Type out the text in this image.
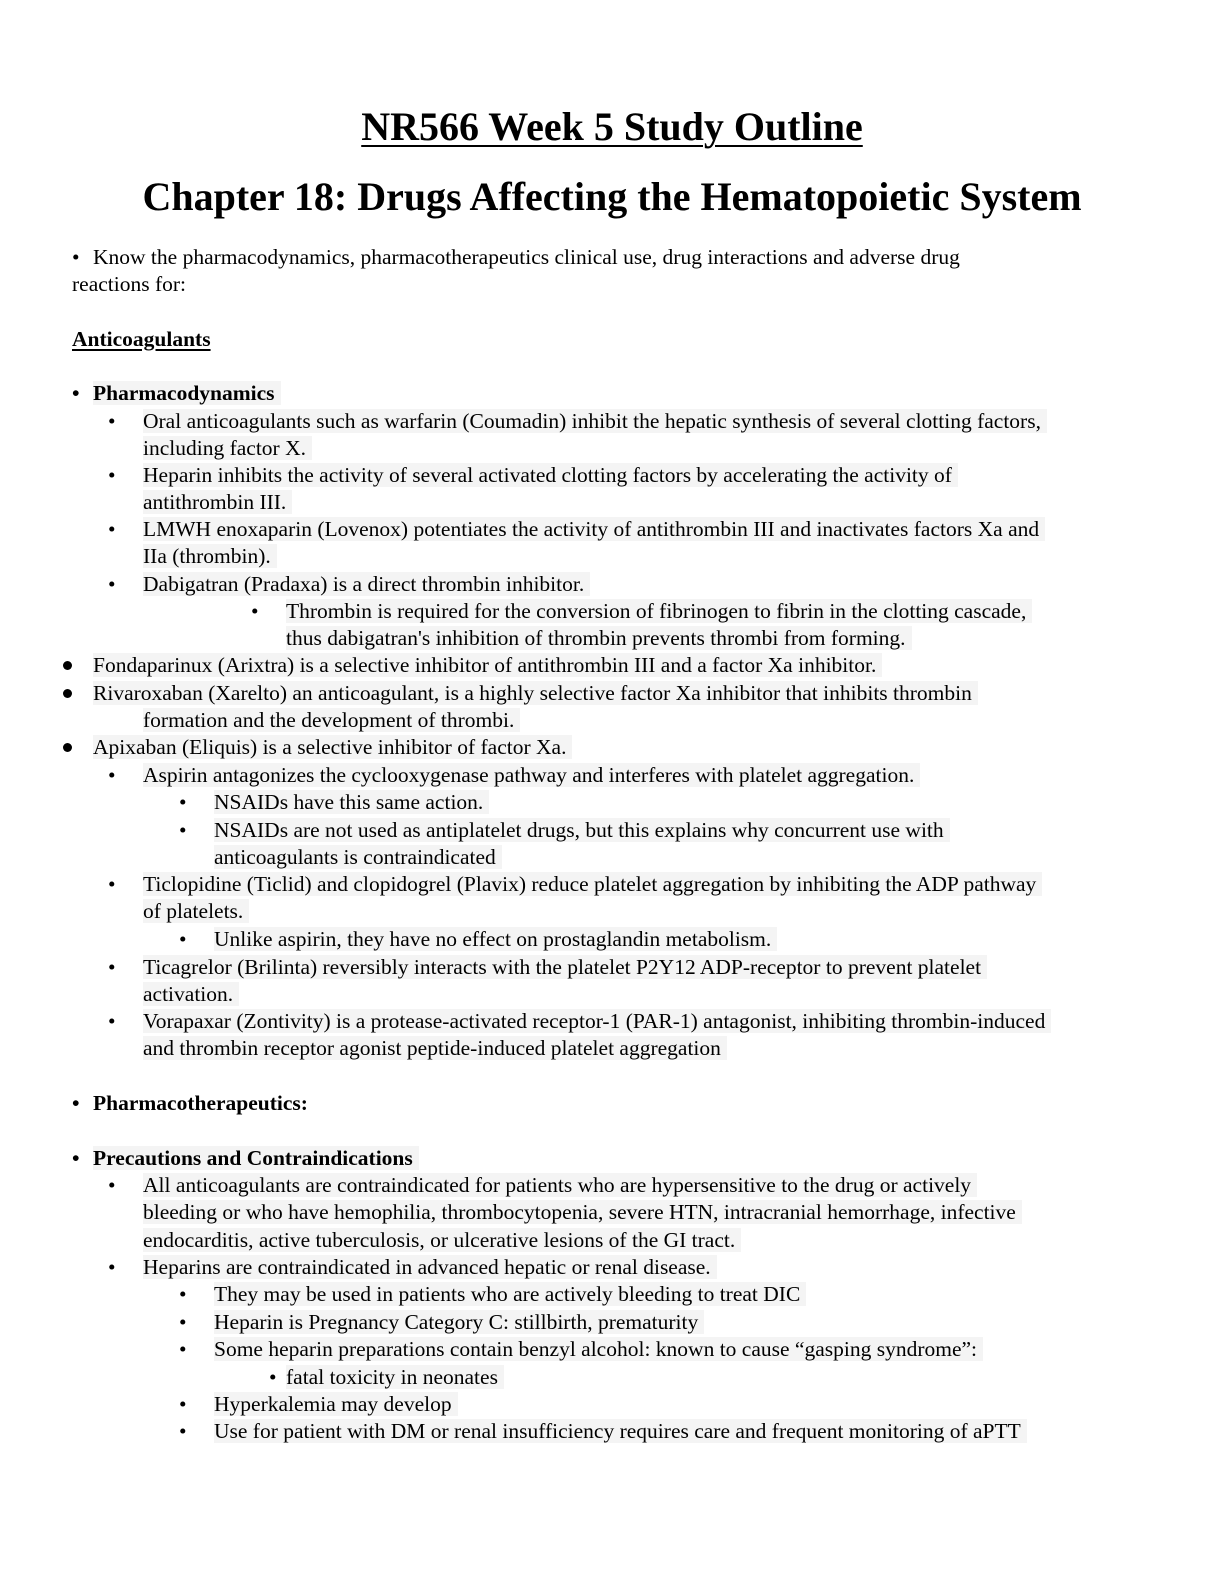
NR566 Week 5 Study Outline
Chapter 18: Drugs Affecting the Hematopoietic System
• Know the pharmacodynamics, pharmacotherapeutics clinical use, drug interactions and adverse drug
reactions for:
Anticoagulants
• Pharmacodynamics
• Oral anticoagulants such as warfarin (Coumadin) inhibit the hepatic synthesis of several clotting factors,
including factor X.
• Heparin inhibits the activity of several activated clotting factors by accelerating the activity of
antithrombin III.
• LMWH enoxaparin (Lovenox) potentiates the activity of antithrombin III and inactivates factors Xa and
IIa (thrombin).
• Dabigatran (Pradaxa) is a direct thrombin inhibitor.
• Thrombin is required for the conversion of fibrinogen to fibrin in the clotting cascade,
thus dabigatran's inhibition of thrombin prevents thrombi from forming.
Fondaparinux (Arixtra) is a selective inhibitor of antithrombin III and a factor Xa inhibitor.
Rivaroxaban (Xarelto) an anticoagulant, is a highly selective factor Xa inhibitor that inhibits thrombin
formation and the development of thrombi.
Apixaban (Eliquis) is a selective inhibitor of factor Xa.
• Aspirin antagonizes the cyclooxygenase pathway and interferes with platelet aggregation.
• NSAIDs have this same action.
• NSAIDs are not used as antiplatelet drugs, but this explains why concurrent use with
anticoagulants is contraindicated
• Ticlopidine (Ticlid) and clopidogrel (Plavix) reduce platelet aggregation by inhibiting the ADP pathway
of platelets.
• Unlike aspirin, they have no effect on prostaglandin metabolism.
• Ticagrelor (Brilinta) reversibly interacts with the platelet P2Y12 ADP-receptor to prevent platelet
activation.
• Vorapaxar (Zontivity) is a protease-activated receptor-1 (PAR-1) antagonist, inhibiting thrombin-induced
and thrombin receptor agonist peptide-induced platelet aggregation
• Pharmacotherapeutics:
• Precautions and Contraindications
• All anticoagulants are contraindicated for patients who are hypersensitive to the drug or actively
bleeding or who have hemophilia, thrombocytopenia, severe HTN, intracranial hemorrhage, infective
endocarditis, active tuberculosis, or ulcerative lesions of the GI tract.
• Heparins are contraindicated in advanced hepatic or renal disease.
• They may be used in patients who are actively bleeding to treat DIC
• Heparin is Pregnancy Category C: stillbirth, prematurity
• Some heparin preparations contain benzyl alcohol: known to cause “gasping syndrome”:
• fatal toxicity in neonates
• Hyperkalemia may develop
• Use for patient with DM or renal insufficiency requires care and frequent monitoring of aPTT
